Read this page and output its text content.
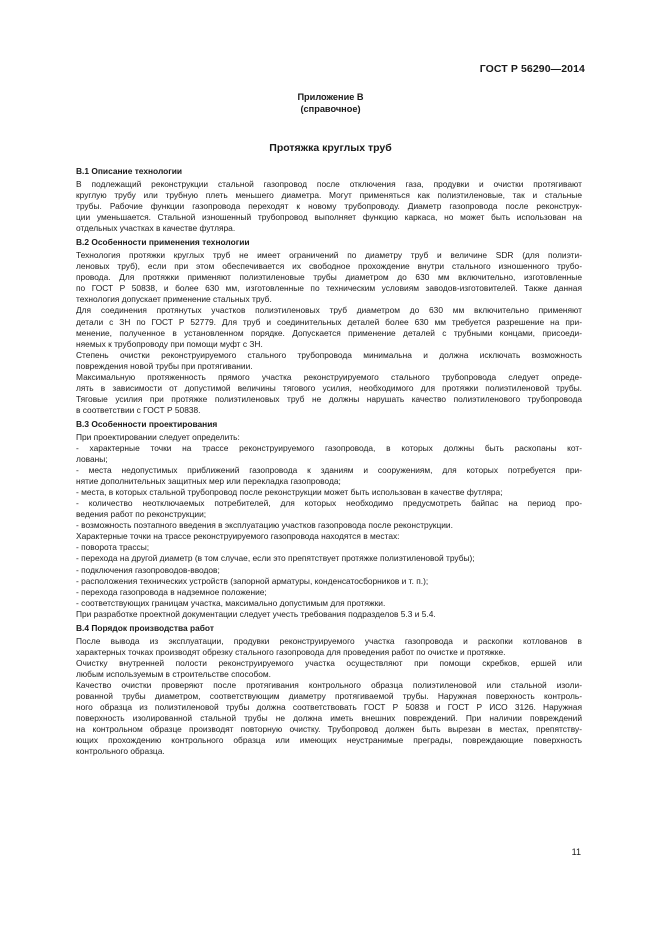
ГОСТ Р 56290—2014
Приложение В
(справочное)
Протяжка круглых труб
В.1 Описание технологии
В подлежащий реконструкции стальной газопровод после отключения газа, продувки и очистки протягивают
круглую трубу или трубную плеть меньшего диаметра. Могут применяться как полиэтиленовые, так и стальные
трубы. Рабочие функции газопровода переходят к новому трубопроводу. Диаметр газопровода после реконструк-
ции уменьшается. Стальной изношенный трубопровод выполняет функцию каркаса, но может быть использован на
отдельных участках в качестве футляра.
В.2 Особенности применения технологии
Технология протяжки круглых труб не имеет ограничений по диаметру труб и величине SDR (для полиэти-
леновых труб), если при этом обеспечивается их свободное прохождение внутри стального изношенного трубо-
провода. Для протяжки применяют полиэтиленовые трубы диаметром до 630 мм включительно, изготовленные
по ГОСТ Р 50838, и более 630 мм, изготовленные по техническим условиям заводов-изготовителей. Также данная
технология допускает применение стальных труб.
Для соединения протянутых участков полиэтиленовых труб диаметром до 630 мм включительно применяют
детали с ЗН по ГОСТ Р 52779. Для труб и соединительных деталей более 630 мм требуется разрешение на при-
менение, полученное в установленном порядке. Допускается применение деталей с трубными концами, присоеди-
няемых к трубопроводу при помощи муфт с ЗН.
Степень очистки реконструируемого стального трубопровода минимальна и должна исключать возможность
повреждения новой трубы при протягивании.
Максимальную протяженность прямого участка реконструируемого стального трубопровода следует опреде-
лять в зависимости от допустимой величины тягового усилия, необходимого для протяжки полиэтиленовой трубы.
Тяговые усилия при протяжке полиэтиленовых труб не должны нарушать качество полиэтиленового трубопровода
в соответствии с ГОСТ Р 50838.
В.3 Особенности проектирования
При проектировании следует определить:
- характерные точки на трассе реконструируемого газопровода, в которых должны быть раскопаны кот-
лованы;
- места недопустимых приближений газопровода к зданиям и сооружениям, для которых потребуется при-
нятие дополнительных защитных мер или перекладка газопровода;
- места, в которых стальной трубопровод после реконструкции может быть использован в качестве футляра;
- количество неотключаемых потребителей, для которых необходимо предусмотреть байпас на период про-
ведения работ по реконструкции;
- возможность поэтапного введения в эксплуатацию участков газопровода после реконструкции.
Характерные точки на трассе реконструируемого газопровода находятся в местах:
- поворота трассы;
- перехода на другой диаметр (в том случае, если это препятствует протяжке полиэтиленовой трубы);
- подключения газопроводов-вводов;
- расположения технических устройств (запорной арматуры, конденсатосборников и т. п.);
- перехода газопровода в надземное положение;
- соответствующих границам участка, максимально допустимым для протяжки.
При разработке проектной документации следует учесть требования подразделов 5.3 и 5.4.
В.4 Порядок производства работ
После вывода из эксплуатации, продувки реконструируемого участка газопровода и раскопки котлованов в
характерных точках производят обрезку стального газопровода для проведения работ по очистке и протяжке.
Очистку внутренней полости реконструируемого участка осуществляют при помощи скребков, ершей или
любым используемым в строительстве способом.
Качество очистки проверяют после протягивания контрольного образца полиэтиленовой или стальной изоли-
рованной трубы диаметром, соответствующим диаметру протягиваемой трубы. Наружная поверхность контроль-
ного образца из полиэтиленовой трубы должна соответствовать ГОСТ Р 50838 и ГОСТ Р ИСО 3126. Наружная
поверхность изолированной стальной трубы не должна иметь внешних повреждений. При наличии повреждений
на контрольном образце производят повторную очистку. Трубопровод должен быть вырезан в местах, препятству-
ющих прохождению контрольного образца или имеющих неустранимые преграды, повреждающие поверхность
контрольного образца.
11
